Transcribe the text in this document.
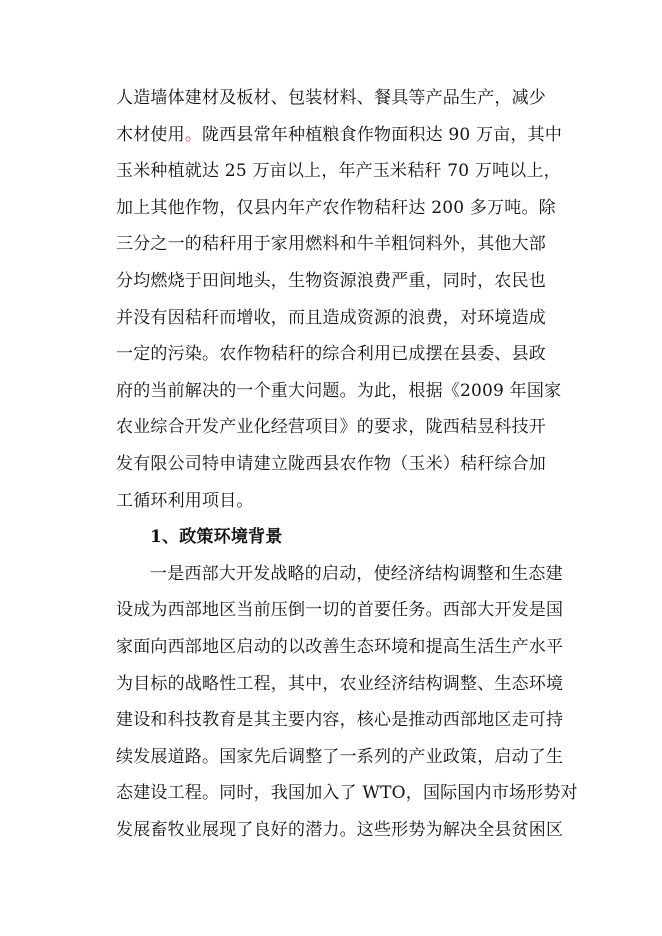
人造墙体建材及板材、包装材料、餐具等产品生产，减少
木材使用。陇西县常年种植粮食作物面积达 90 万亩，其中
玉米种植就达 25 万亩以上，年产玉米秸秆 70 万吨以上，
加上其他作物，仅县内年产农作物秸秆达 200 多万吨。除
三分之一的秸秆用于家用燃料和牛羊粗饲料外，其他大部
分均燃烧于田间地头，生物资源浪费严重，同时，农民也
并没有因秸秆而增收，而且造成资源的浪费，对环境造成
一定的污染。农作物秸秆的综合利用已成摆在县委、县政
府的当前解决的一个重大问题。为此，根据《2009 年国家
农业综合开发产业化经营项目》的要求，陇西秸昱科技开
发有限公司特申请建立陇西县农作物（玉米）秸秆综合加
工循环利用项目。
1、政策环境背景
一是西部大开发战略的启动，使经济结构调整和生态建
设成为西部地区当前压倒一切的首要任务。西部大开发是国
家面向西部地区启动的以改善生态环境和提高生活生产水平
为目标的战略性工程，其中，农业经济结构调整、生态环境
建设和科技教育是其主要内容，核心是推动西部地区走可持
续发展道路。国家先后调整了一系列的产业政策，启动了生
态建设工程。同时，我国加入了 WTO，国际国内市场形势对
发展畜牧业展现了良好的潜力。这些形势为解决全县贫困区
